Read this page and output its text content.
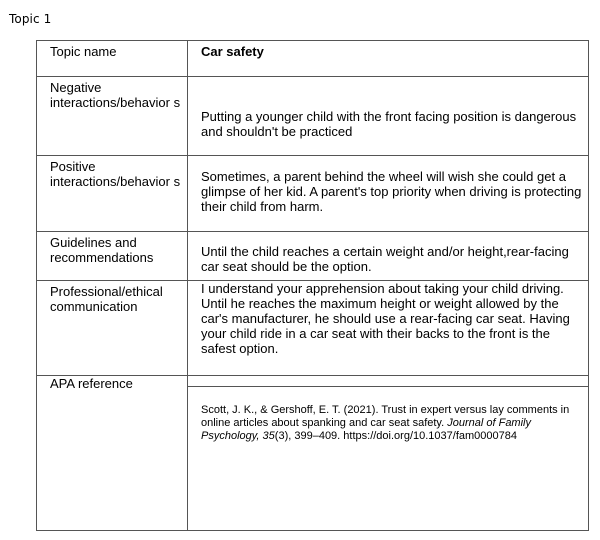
Topic 1
Topic name	Car safety

Negative interactions/behavior s	Putting a younger child with the front facing position is dangerous and shouldn't be practiced

Positive interactions/behavior s	Sometimes, a parent behind the wheel will wish she could get a glimpse of her kid. A parent's top priority when driving is protecting their child from harm.

Guidelines and recommendations	Until the child reaches a certain weight and/or height,rear-facing car seat should be the option.

Professional/ethical communication	I understand your apprehension about taking your child driving. Until he reaches the maximum height or weight allowed by the car's manufacturer, he should use a rear-facing car seat. Having your child ride in a car seat with their backs to the front is the safest option.

APA reference	Scott, J. K., & Gershoff, E. T. (2021). Trust in expert versus lay comments in online articles about spanking and car seat safety. Journal of Family Psychology, 35(3), 399–409. https://doi.org/10.1037/fam0000784
